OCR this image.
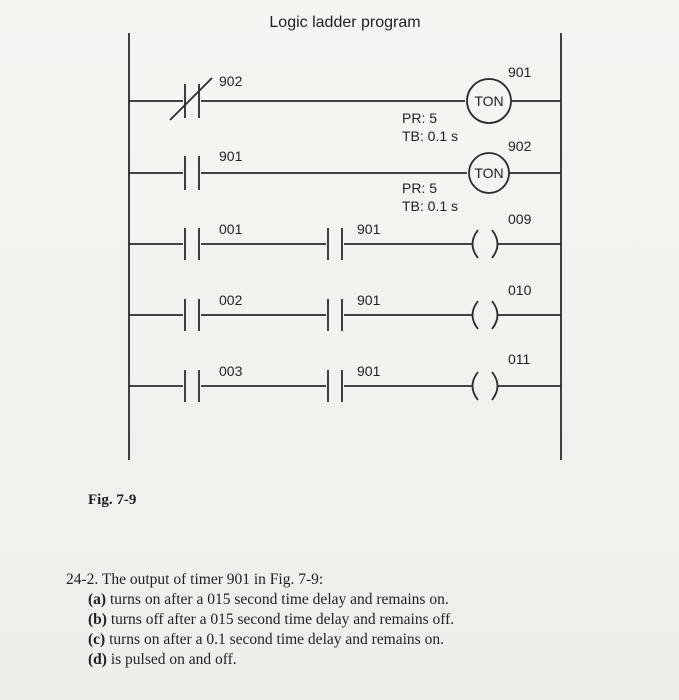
Logic ladder program
902
901
TON
PR: 5
TB: 0.1 s
901
902
TON
PR: 5
TB: 0.1 s
001	901
009
002	901
010
003	901
011
Fig. 7-9
24-2. The output of timer 901 in Fig. 7-9:
(a) turns on after a 015 second time delay and remains on.
(b) turns off after a 015 second time delay and remains off.
(c) turns on after a 0.1 second time delay and remains on.
(d) is pulsed on and off.
